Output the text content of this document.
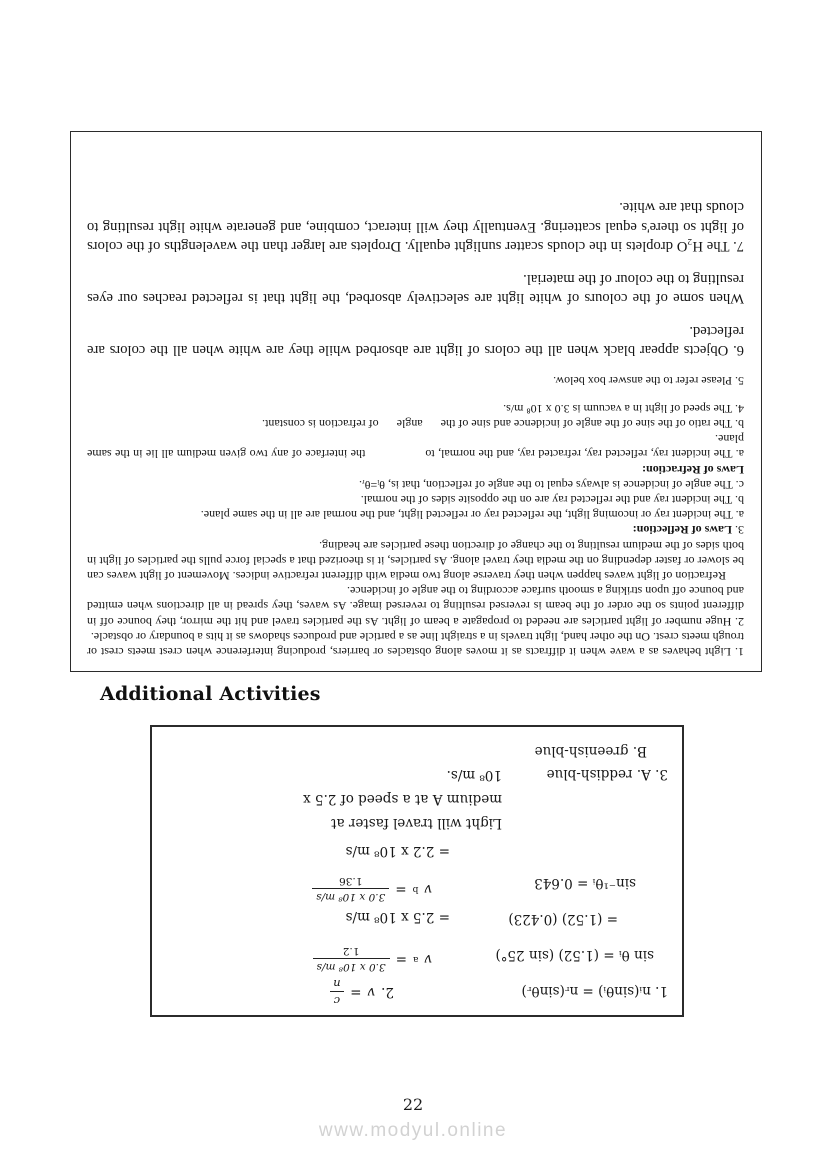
1. Light behaves as a wave when it diffracts as it moves along obstacles or barriers, producing interference when crest meets crest or trough meets crest. On the other hand, light travels in a straight line as a particle and produces shadows as it hits a boundary or obstacle.

2. Huge number of light particles are needed to propagate a beam of light. As the particles travel and hit the mirror, they bounce off in different points so the order of the beam is reversed resulting to reversed image. As waves, they spread in all directions when emitted and bounce off upon striking a smooth surface according to the angle of incidence.

Refraction of light waves happen when they traverse along two media with different refractive indices. Movement of light waves can be slower or faster depending on the media they travel along. As particles, it is theorized that a special force pulls the particles of light in both sides of the medium resulting to the change of direction these particles are heading.

3. Laws of Reflection:

a. The incident ray or incoming light, the reflected ray or reflected light, and the normal are all in the same plane.

b. The incident ray and the reflected ray are on the opposite sides of the normal.

c. The angle of incidence is always equal to the angle of reflection, that is, θᵢ=θᵣ.

Laws of Refraction:

a. The incident ray, reflected ray, refracted ray, and the normal, to     the interface of any two given medium all lie in the same plane.

b. The ratio of the sine of the angle of incidence and sine of the  angle  of refraction is constant.

4. The speed of light in a vacuum is 3.0 x 10⁸ m/s.

5. Please refer to the answer box below.

6. Objects appear black when all the colors of light are absorbed while they are white when all the colors are reflected.

When some of the colours of white light are selectively absorbed, the light that is reflected reaches our eyes resulting to the colour of the material.

7. The H₂O droplets in the clouds scatter sunlight equally. Droplets are larger than the wavelengths of the colors of light so there's equal scattering. Eventually they will interact, combine, and generate white light resulting to clouds that are white.

Additional Activities
1. nᵢ(sinθᵢ) = nᵣ(sinθᵣ)
2.
v
=
c
n
sin θᵢ = (1.52) (sin 25°)
v
a
=
3.0 x 10⁸ m/s
1.2
= (1.52) (0.423)
= 2.5 x 10⁸ m/s
sin⁻¹θᵢ = 0.643
v
b
=
3.0 x 10⁸ m/s
1.36
= 2.2 x 10⁸ m/s
Light will travel faster at medium A at a speed of 2.5 x 10⁸ m/s.	3. A. reddish-blue
B. greenish-blue
22
www.modyul.online
